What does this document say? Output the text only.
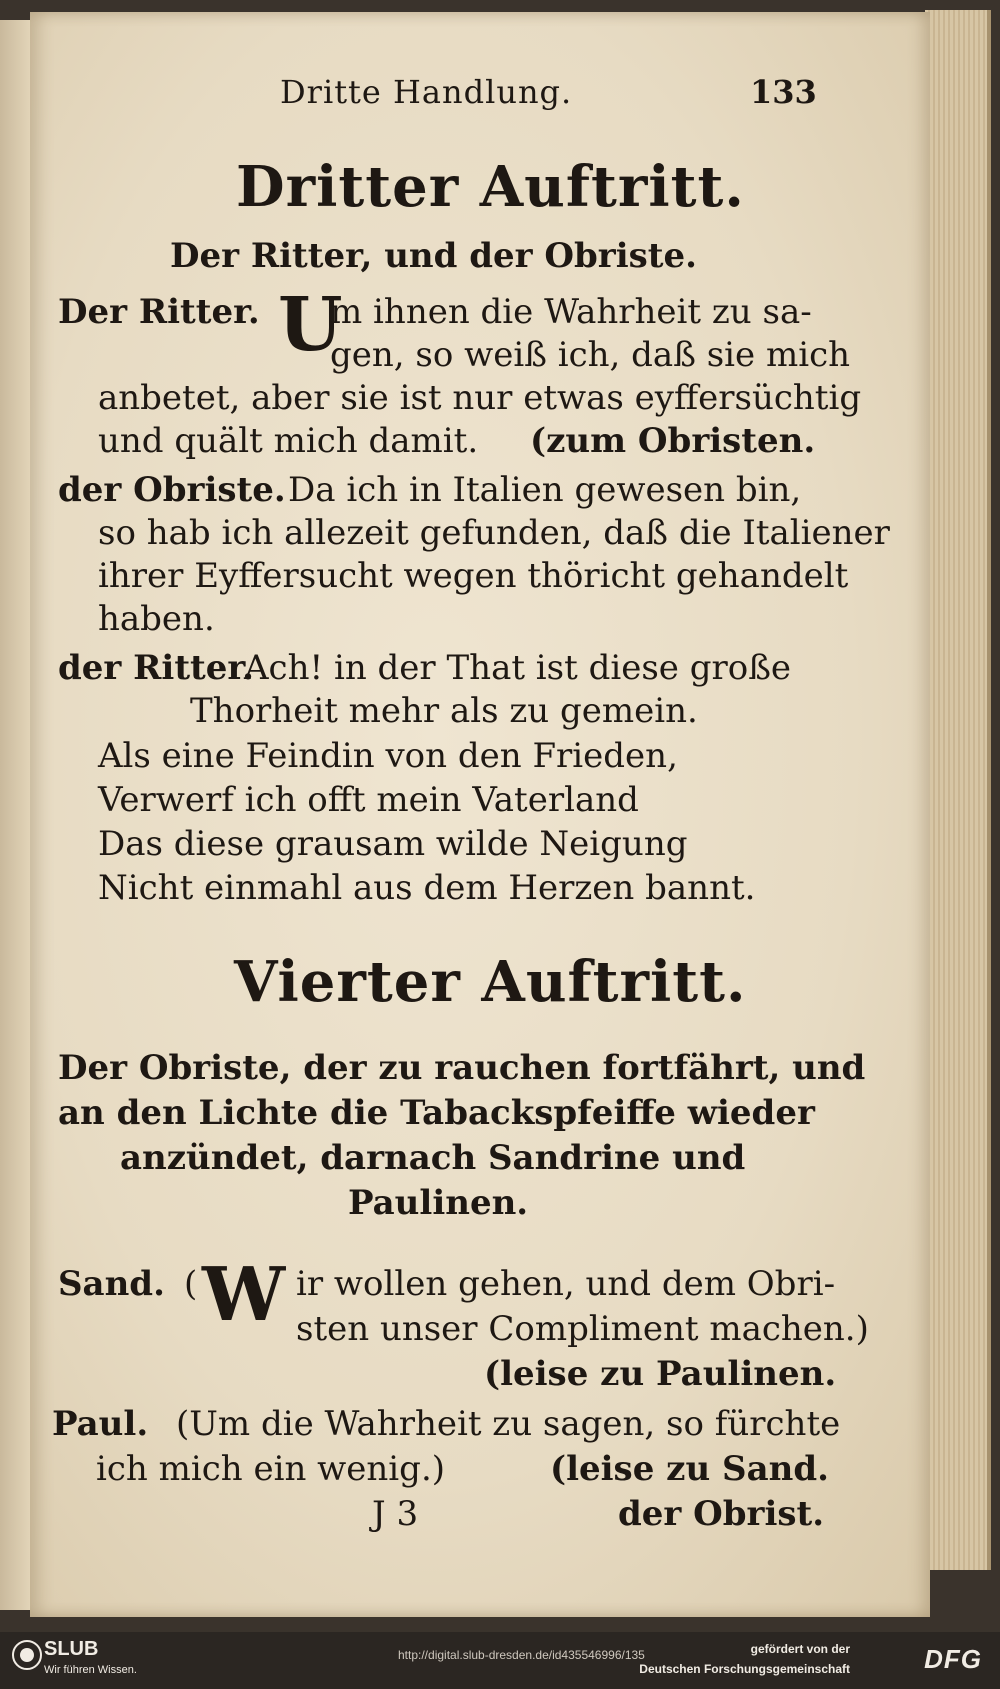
Dritte Handlung.	133
Dritter Auftritt.
Der Ritter, und der Obriste.
Der Ritter. U
m ihnen die Wahrheit zu sa-
gen, so weiß ich, daß sie mich
anbetet, aber sie ist nur etwas eyffersüchtig
und quält mich damit. (zum Obristen.
der Obriste. Da ich in Italien gewesen bin,
so hab ich allezeit gefunden, daß die Italiener
ihrer Eyffersucht wegen thöricht gehandelt
haben.
der Ritter.
Ach! in der That ist diese große
Thorheit mehr als zu gemein.
Als eine Feindin von den Frieden,
Verwerf ich offt mein Vaterland
Das diese grausam wilde Neigung
Nicht einmahl aus dem Herzen bannt.
Vierter Auftritt.
Der Obriste, der zu rauchen fortfährt, und
an den Lichte die Tabackspfeiffe wieder
anzündet, darnach Sandrine und
Paulinen.
Sand. ( W ir wollen gehen, und dem Obri-
sten unser Compliment machen.)
(leise zu Paulinen.
Paul. (Um die Wahrheit zu sagen, so fürchte
ich mich ein wenig.)	(leise zu Sand.
J 3	der Obrist.
SLUB
Wir führen Wissen.
http://digital.slub-dresden.de/id435546996/135	gefördert von der
Deutschen Forschungsgemeinschaft	DFG
